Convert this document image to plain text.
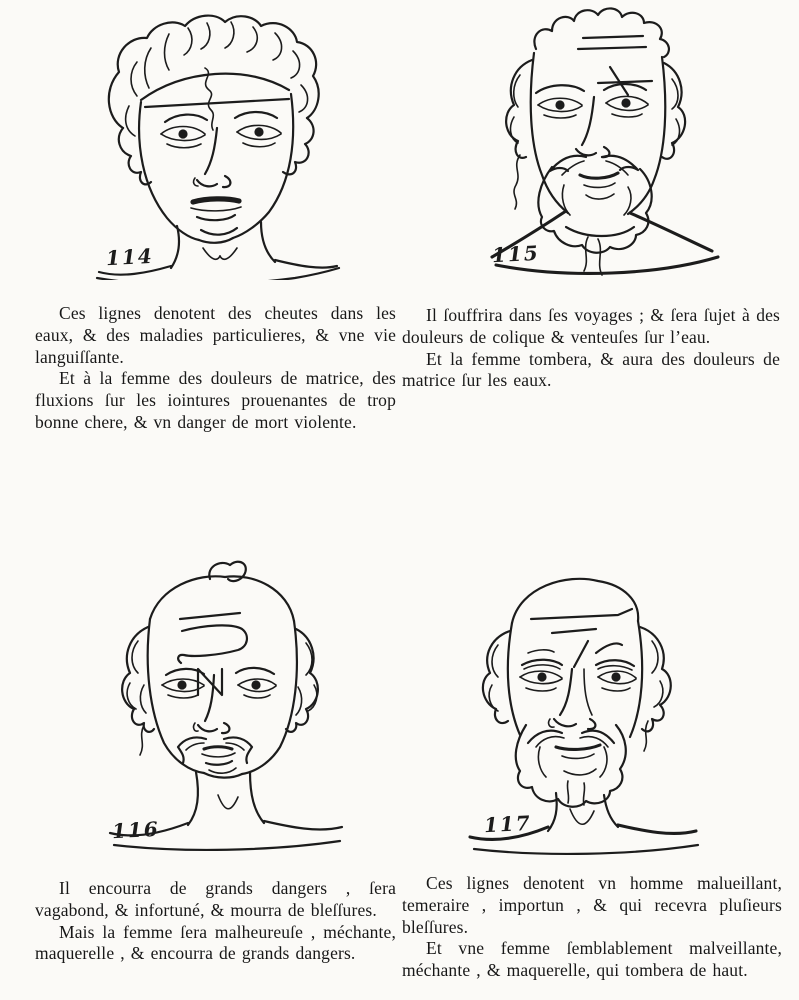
114	115

Ces lignes denotent des cheutes dans les eaux, & des maladies particulieres, & vne vie languiſſante.

Et à la femme des douleurs de matrice, des fluxions ſur les iointures prouenantes de trop bonne chere, & vn danger de mort violente.

Il ſouffrira dans ſes voyages ; & ſera ſujet à des douleurs de colique & venteuſes ſur l’eau.

Et la femme tombera, & aura des douleurs de matrice ſur les eaux.

116	117

Il encourra de grands dangers , ſera vagabond, & infortuné, & mourra de bleſſures.

Mais la femme ſera malheureuſe , méchante, maquerelle , & encourra de grands dangers.

Ces lignes denotent vn homme malueillant, temeraire , importun , & qui recevra pluſieurs bleſſures.

Et vne femme ſemblablement malveillante, méchante , & maquerelle, qui tombera de haut.
